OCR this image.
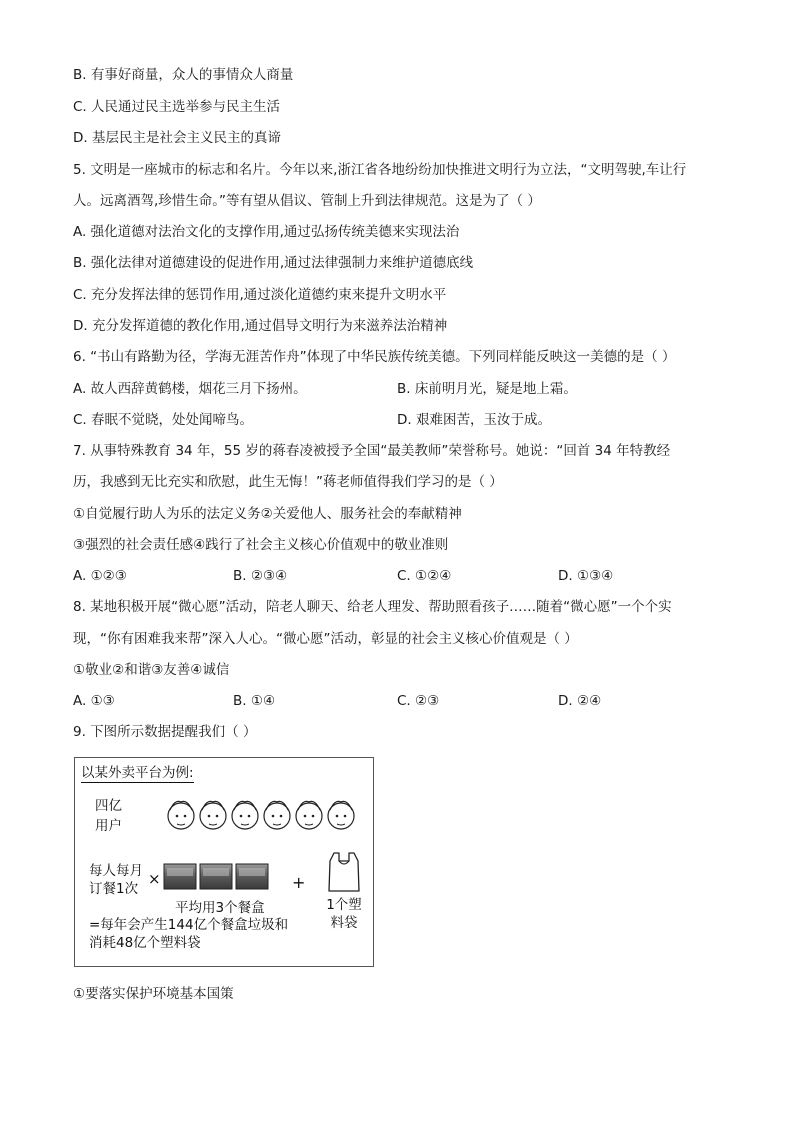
B. 有事好商量，众人的事情众人商量
C. 人民通过民主选举参与民主生活
D. 基层民主是社会主义民主的真谛
5. 文明是一座城市的标志和名片。今年以来,浙江省各地纷纷加快推进文明行为立法，“文明驾驶,车让行
人。远离酒驾,珍惜生命。”等有望从倡议、管制上升到法律规范。这是为了（ ）
A. 强化道德对法治文化的支撑作用,通过弘扬传统美德来实现法治
B. 强化法律对道德建设的促进作用,通过法律强制力来维护道德底线
C. 充分发挥法律的惩罚作用,通过淡化道德约束来提升文明水平
D. 充分发挥道德的教化作用,通过倡导文明行为来滋养法治精神
6. “书山有路勤为径，学海无涯苦作舟”体现了中华民族传统美德。下列同样能反映这一美德的是（ ）
A. 故人西辞黄鹤楼，烟花三月下扬州。	B. 床前明月光，疑是地上霜。
C. 春眠不觉晓，处处闻啼鸟。	D. 艰难困苦，玉汝于成。
7. 从事特殊教育 34 年，55 岁的蒋春凌被授予全国“最美教师”荣誉称号。她说：“回首 34 年特教经
历，我感到无比充实和欣慰，此生无悔！”蒋老师值得我们学习的是（ ）
①自觉履行助人为乐的法定义务②关爱他人、服务社会的奉献精神
③强烈的社会责任感④践行了社会主义核心价值观中的敬业准则
A. ①②③	B. ②③④	C. ①②④	D. ①③④
8. 某地积极开展“微心愿”活动，陪老人聊天、给老人理发、帮助照看孩子……随着“微心愿”一个个实
现，“你有困难我来帮”深入人心。“微心愿”活动，彰显的社会主义核心价值观是（ ）
①敬业②和谐③友善④诚信
A. ①③	B. ①④	C. ②③	D. ②④
9. 下图所示数据提醒我们（ ）
以某外卖平台为例:
四亿
用户
每人每月
订餐1次
×
平均用3个餐盒
+
1个塑
料袋
=每年会产生144亿个餐盒垃圾和
消耗48亿个塑料袋
①要落实保护环境基本国策
